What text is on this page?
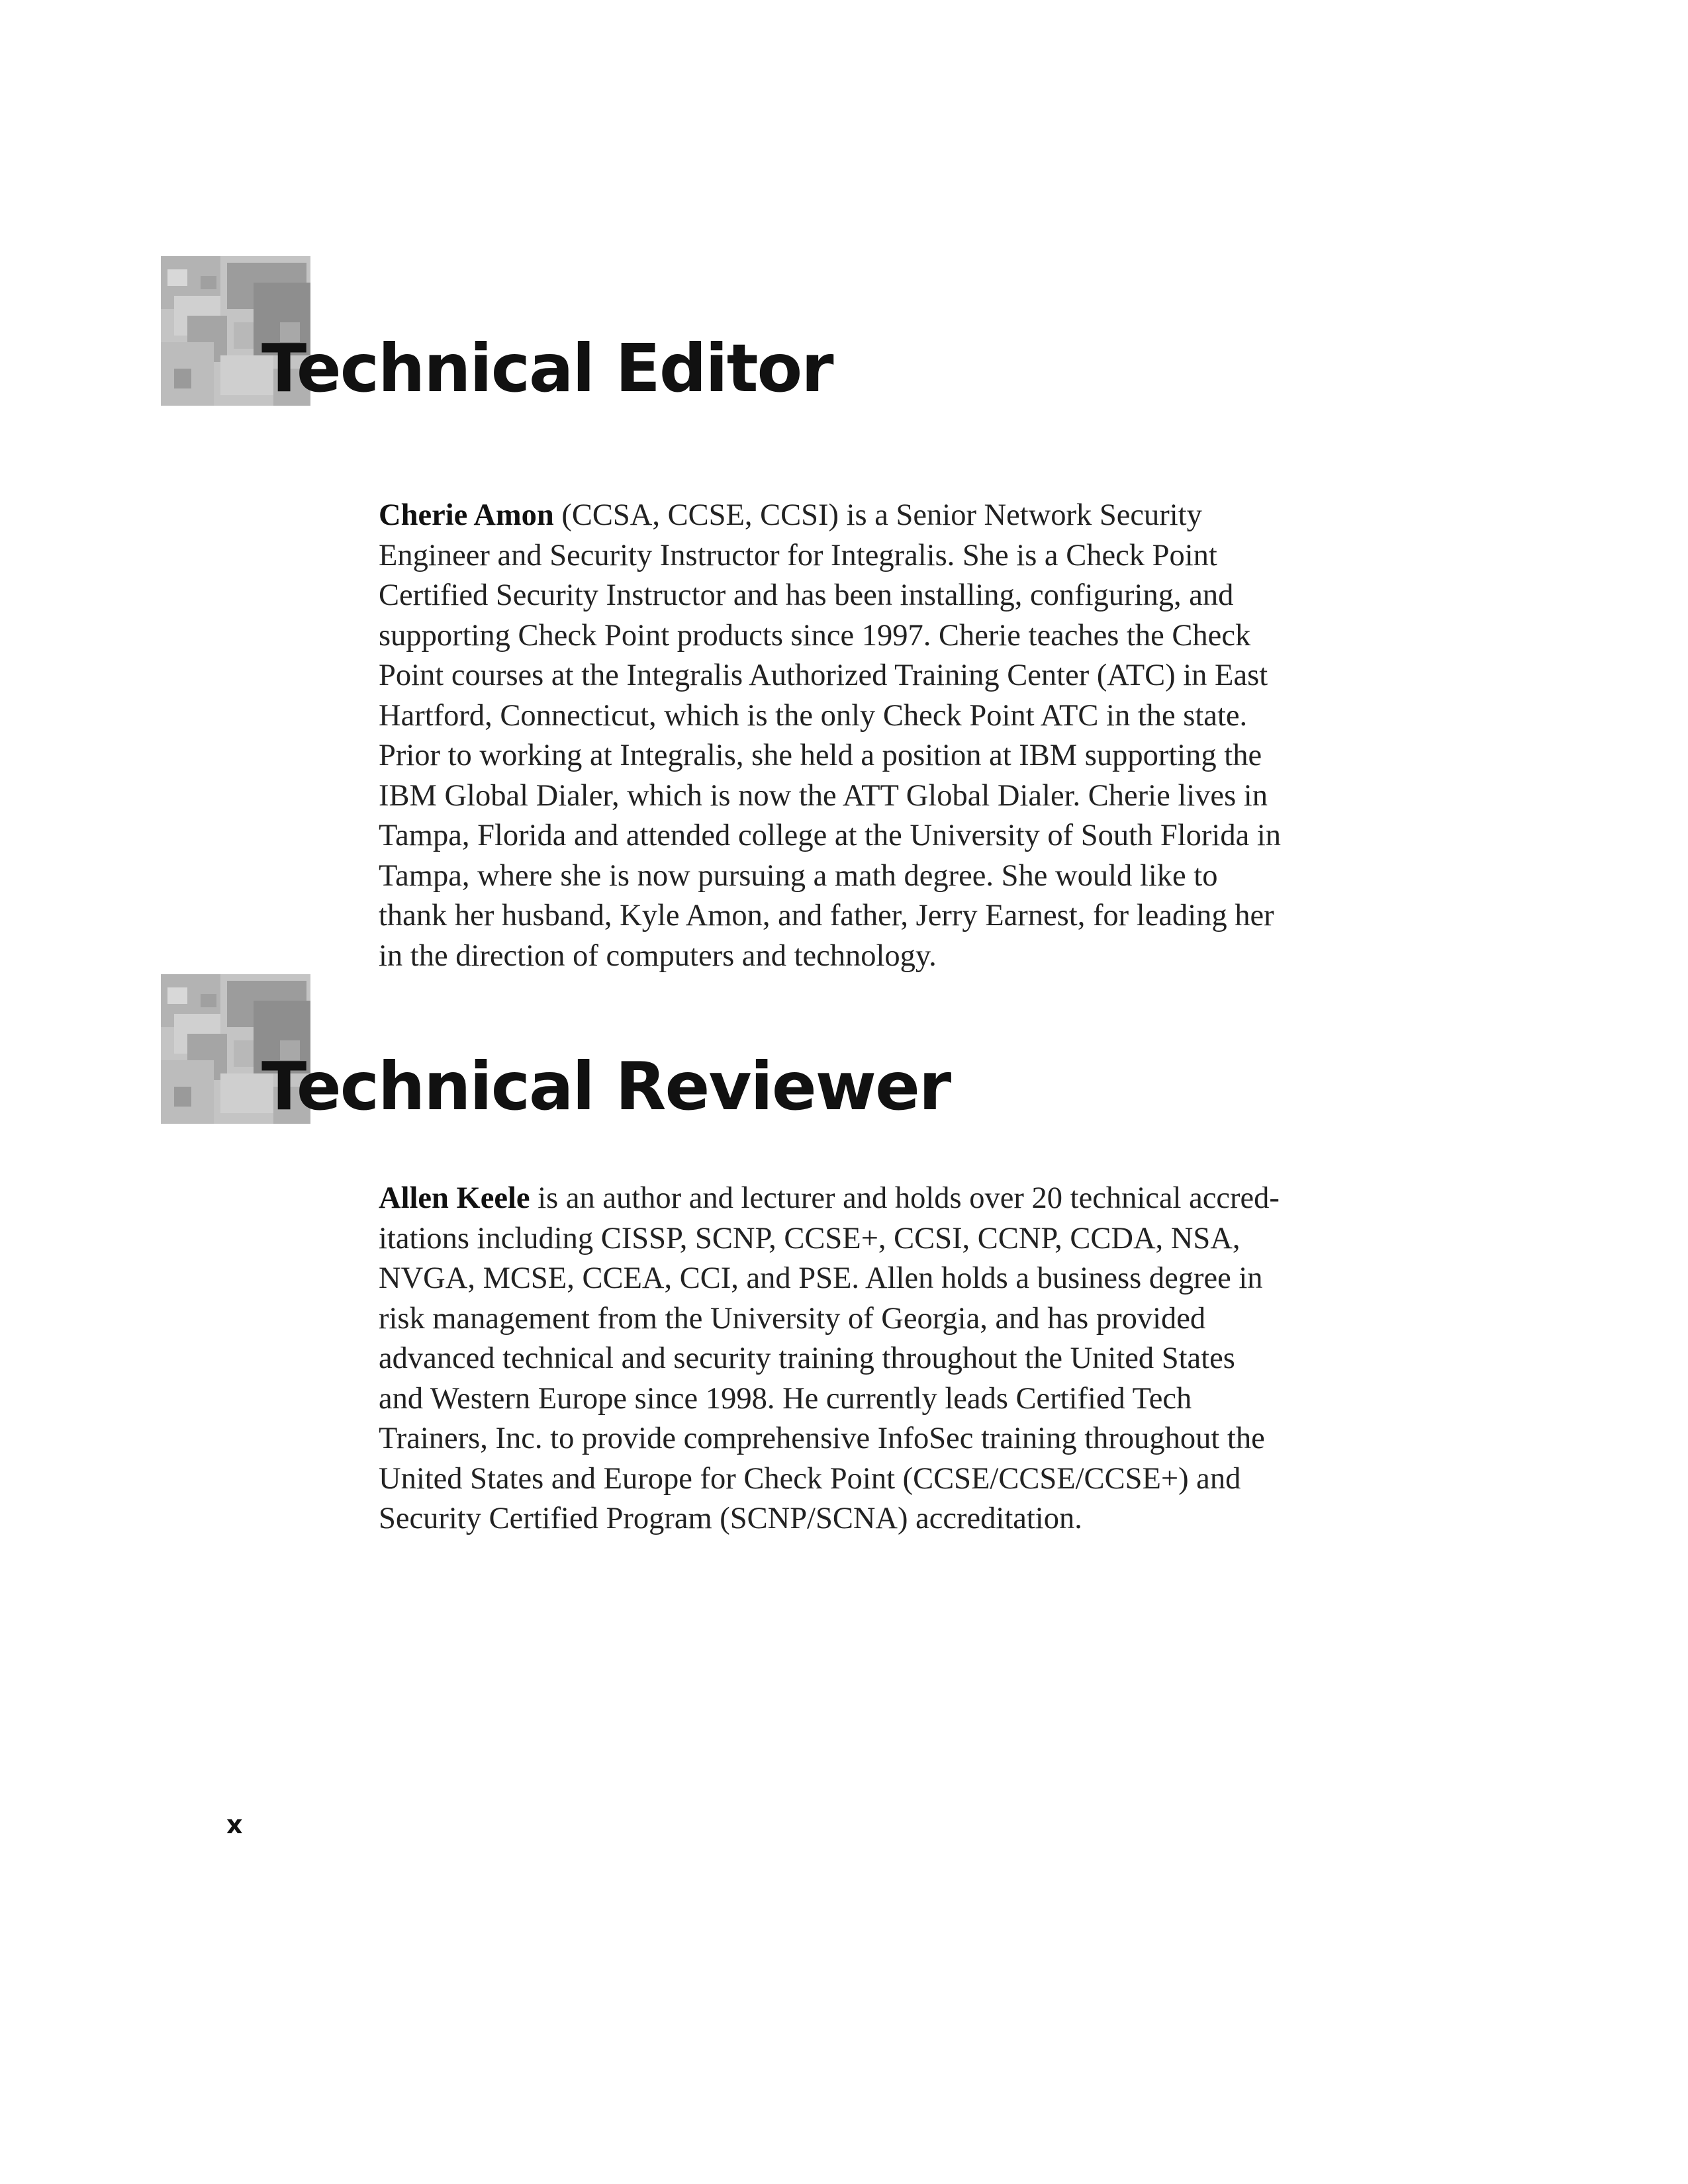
Technical Editor

Cherie Amon (CCSA, CCSE, CCSI) is a Senior Network Security
Engineer and Security Instructor for Integralis. She is a Check Point
Certified Security Instructor and has been installing, configuring, and
supporting Check Point products since 1997. Cherie teaches the Check
Point courses at the Integralis Authorized Training Center (ATC) in East
Hartford, Connecticut, which is the only Check Point ATC in the state.
Prior to working at Integralis, she held a position at IBM supporting the
IBM Global Dialer, which is now the ATT Global Dialer. Cherie lives in
Tampa, Florida and attended college at the University of South Florida in
Tampa, where she is now pursuing a math degree. She would like to
thank her husband, Kyle Amon, and father, Jerry Earnest, for leading her
in the direction of computers and technology.

Technical Reviewer

Allen Keele is an author and lecturer and holds over 20 technical accred-
itations including CISSP, SCNP, CCSE+, CCSI, CCNP, CCDA, NSA,
NVGA, MCSE, CCEA, CCI, and PSE. Allen holds a business degree in
risk management from the University of Georgia, and has provided
advanced technical and security training throughout the United States
and Western Europe since 1998. He currently leads Certified Tech
Trainers, Inc. to provide comprehensive InfoSec training throughout the
United States and Europe for Check Point (CCSE/CCSE/CCSE+) and
Security Certified Program (SCNP/SCNA) accreditation.

x
